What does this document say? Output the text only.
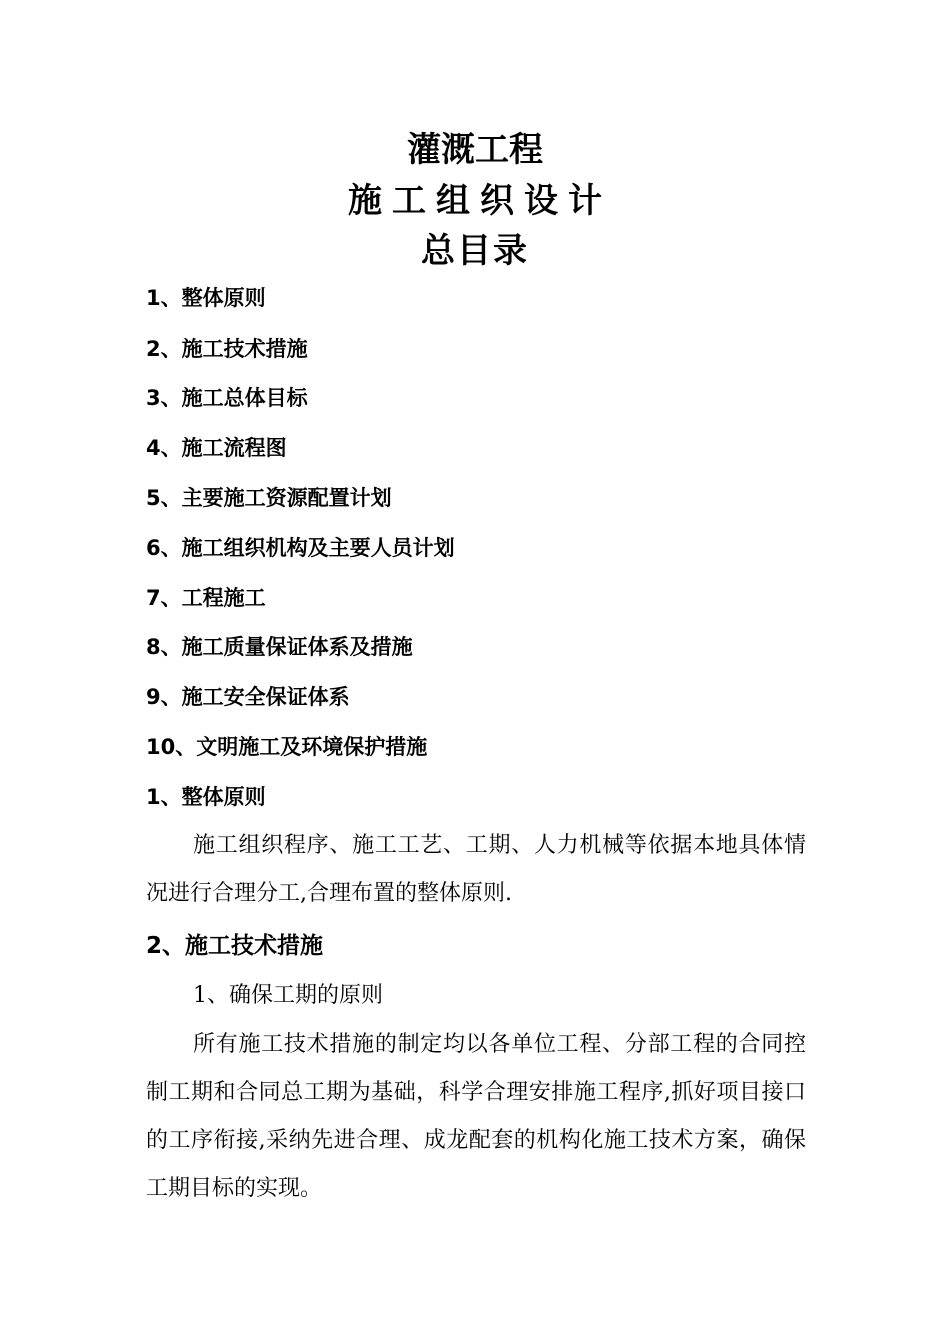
灌溉工程
施工组织设计
总目录
1、整体原则
2、施工技术措施
3、施工总体目标
4、施工流程图
5、主要施工资源配置计划
6、施工组织机构及主要人员计划
7、工程施工
8、施工质量保证体系及措施
9、施工安全保证体系
10、文明施工及环境保护措施
1、整体原则
施工组织程序、施工工艺、工期、人力机械等依据本地具体情况进行合理分工,合理布置的整体原则.
2、施工技术措施
1、确保工期的原则
所有施工技术措施的制定均以各单位工程、分部工程的合同控制工期和合同总工期为基础，科学合理安排施工程序,抓好项目接口的工序衔接,采纳先进合理、成龙配套的机构化施工技术方案，确保工期目标的实现。
